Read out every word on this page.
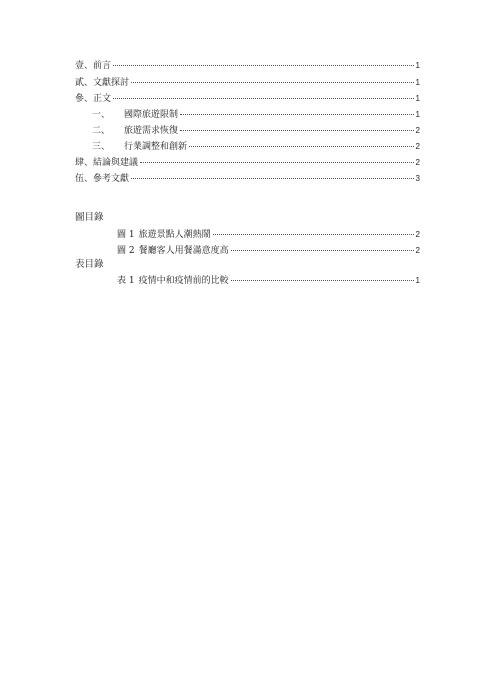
壹、前言	1
貳、文獻探討	1
參、正文	1
一、	國際旅遊限制	1
二、	旅遊需求恢復	2
三、	行業調整和創新	2
肆、結論與建議	2
伍、參考文獻	3
圖目錄
圖 1 旅遊景點人潮熱鬧	2
圖 2 餐廳客人用餐滿意度高	2
表目錄
表 1 疫情中和疫情前的比較	1
